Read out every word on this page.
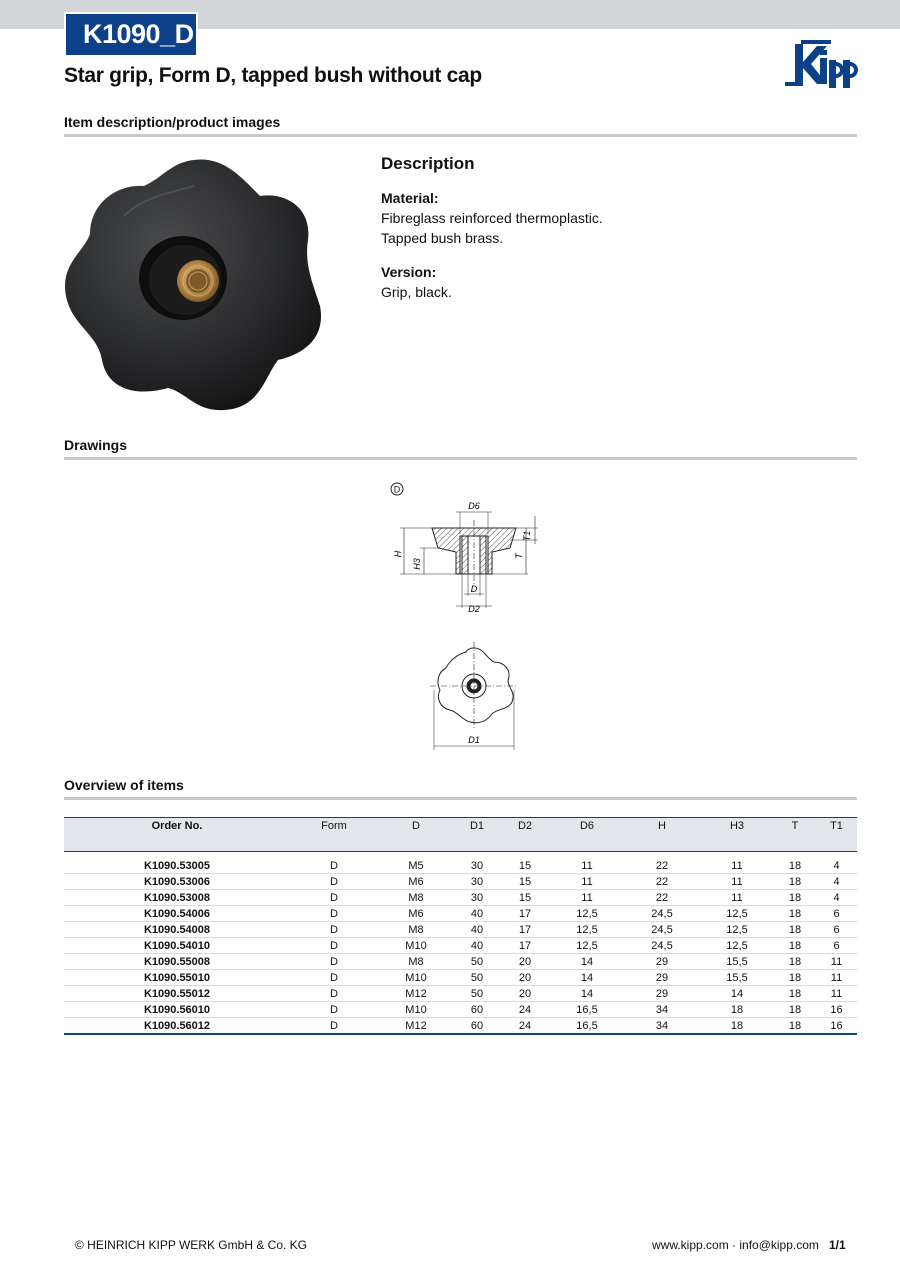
K1090_D
Star grip, Form D, tapped bush without cap
Item description/product images
Description
Material:
Fibreglass reinforced thermoplastic.
Tapped bush brass.
Version:
Grip, black.
Drawings
D
D6
T1
H
H3
T
D
D2
D1
Overview of items
Order No.	Form	D	D1	D2	D6	H	H3	T	T1

K1090.53005	D	M5	30	15	11	22	11	18	4
K1090.53006	D	M6	30	15	11	22	11	18	4
K1090.53008	D	M8	30	15	11	22	11	18	4
K1090.54006	D	M6	40	17	12,5	24,5	12,5	18	6
K1090.54008	D	M8	40	17	12,5	24,5	12,5	18	6
K1090.54010	D	M10	40	17	12,5	24,5	12,5	18	6
K1090.55008	D	M8	50	20	14	29	15,5	18	11
K1090.55010	D	M10	50	20	14	29	15,5	18	11
K1090.55012	D	M12	50	20	14	29	14	18	11
K1090.56010	D	M10	60	24	16,5	34	18	18	16
K1090.56012	D	M12	60	24	16,5	34	18	18	16
© HEINRICH KIPP WERK GmbH & Co. KG	www.kipp.com · info@kipp.com 1/1
